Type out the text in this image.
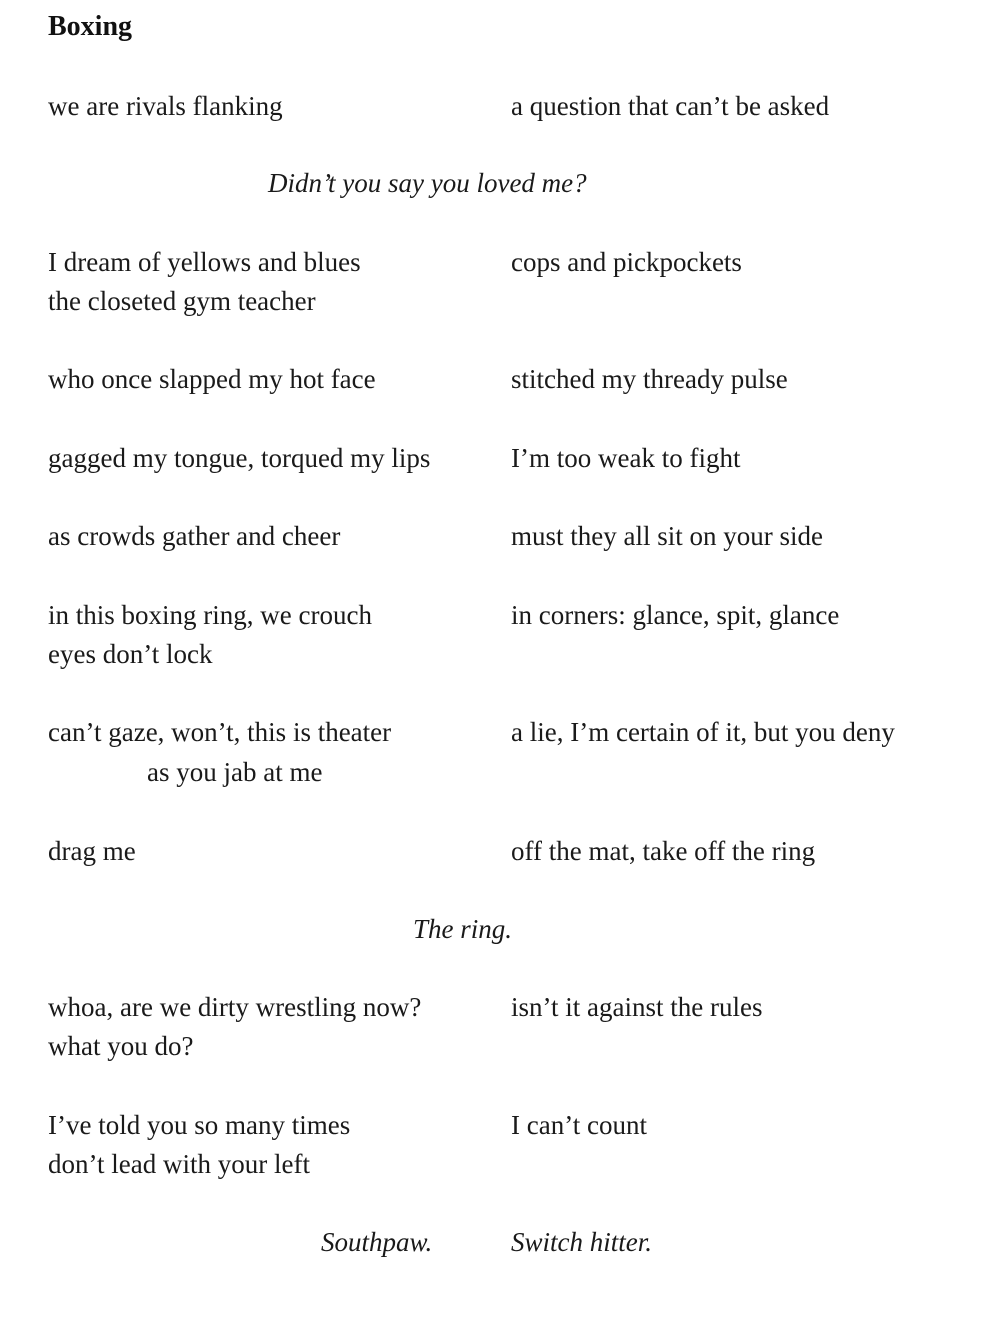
Boxing
we are rivals flanking	a question that can’t be asked
Didn’t you say you loved me?
I dream of yellows and blues	cops and pickpockets
the closeted gym teacher
who once slapped my hot face	stitched my thready pulse
gagged my tongue, torqued my lips	I’m too weak to fight
as crowds gather and cheer	must they all sit on your side
in this boxing ring, we crouch	in corners: glance, spit, glance
eyes don’t lock
can’t gaze, won’t, this is theater	a lie, I’m certain of it, but you deny
as you jab at me
drag me	off the mat, take off the ring
The ring.
whoa, are we dirty wrestling now?	isn’t it against the rules
what you do?
I’ve told you so many times	I can’t count
don’t lead with your left
Southpaw.	Switch hitter.
